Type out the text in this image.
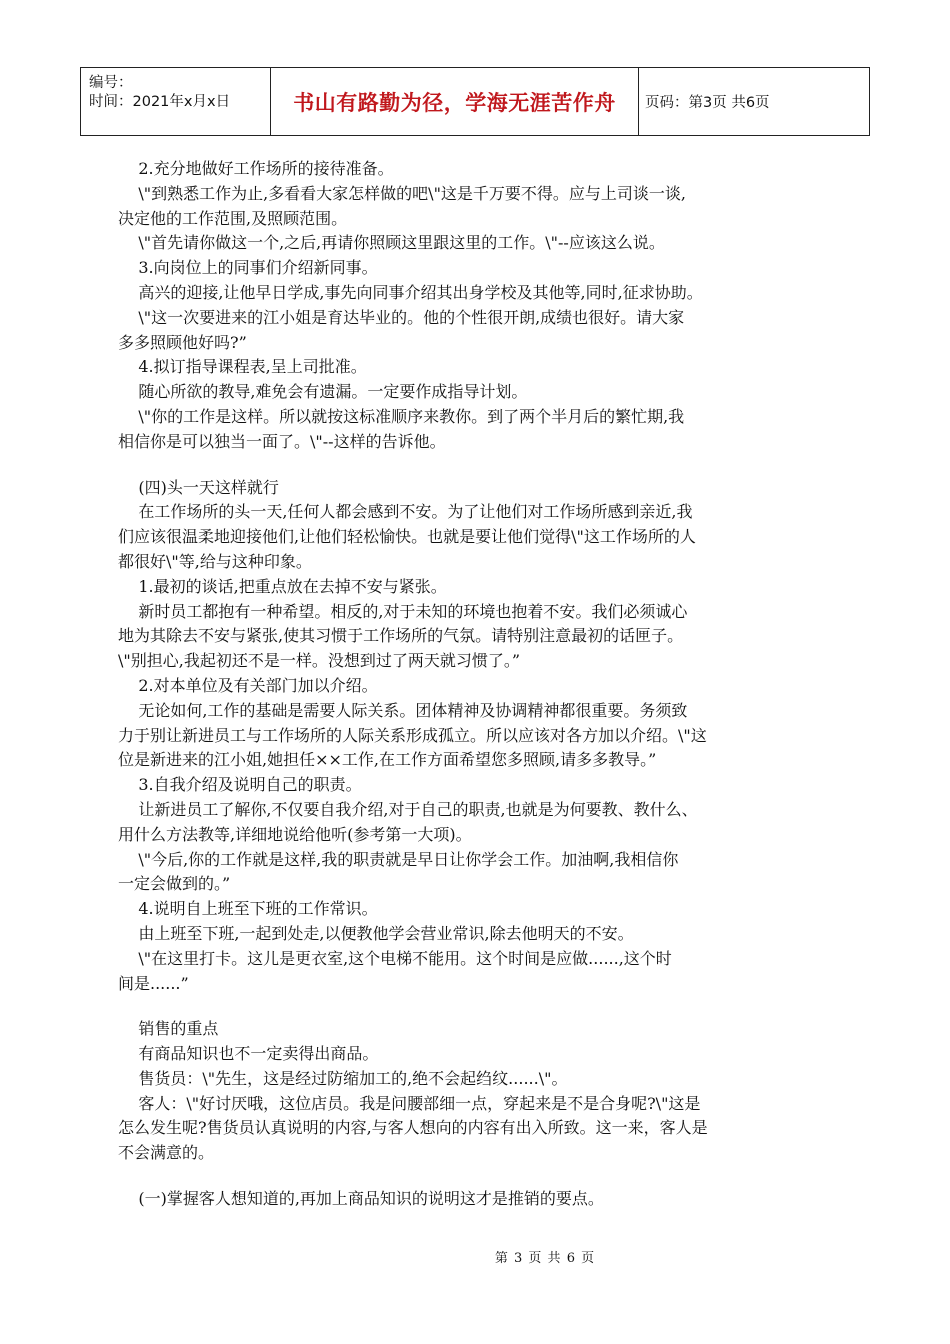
编号：
时间：2021年x月x日	书山有路勤为径，学海无涯苦作舟	页码：第3页 共6页

2.充分地做好工作场所的接待准备。

\"到熟悉工作为止,多看看大家怎样做的吧\"这是千万要不得。应与上司谈一谈,

决定他的工作范围,及照顾范围。

\"首先请你做这一个,之后,再请你照顾这里跟这里的工作。\"--应该这么说。

3.向岗位上的同事们介绍新同事。

高兴的迎接,让他早日学成,事先向同事介绍其出身学校及其他等,同时,征求协助。

\"这一次要进来的江小姐是育达毕业的。他的个性很开朗,成绩也很好。请大家

多多照顾他好吗?”

4.拟订指导课程表,呈上司批准。

随心所欲的教导,难免会有遗漏。一定要作成指导计划。

\"你的工作是这样。所以就按这标准顺序来教你。到了两个半月后的繁忙期,我

相信你是可以独当一面了。\"--这样的告诉他。

(四)头一天这样就行

在工作场所的头一天,任何人都会感到不安。为了让他们对工作场所感到亲近,我

们应该很温柔地迎接他们,让他们轻松愉快。也就是要让他们觉得\"这工作场所的人

都很好\"等,给与这种印象。

1.最初的谈话,把重点放在去掉不安与紧张。

新时员工都抱有一种希望。相反的,对于未知的环境也抱着不安。我们必须诚心

地为其除去不安与紧张,使其习惯于工作场所的气氛。请特别注意最初的话匣子。

\"别担心,我起初还不是一样。没想到过了两天就习惯了。”

2.对本单位及有关部门加以介绍。

无论如何,工作的基础是需要人际关系。团体精神及协调精神都很重要。务须致

力于别让新进员工与工作场所的人际关系形成孤立。所以应该对各方加以介绍。\"这

位是新进来的江小姐,她担任××工作,在工作方面希望您多照顾,请多多教导。”

3.自我介绍及说明自己的职责。

让新进员工了解你,不仅要自我介绍,对于自己的职责,也就是为何要教、教什么、

用什么方法教等,详细地说给他听(参考第一大项)。

\"今后,你的工作就是这样,我的职责就是早日让你学会工作。加油啊,我相信你

一定会做到的。”

4.说明自上班至下班的工作常识。

由上班至下班,一起到处走,以便教他学会营业常识,除去他明天的不安。

\"在这里打卡。这儿是更衣室,这个电梯不能用。这个时间是应做......,这个时

间是......”

销售的重点

有商品知识也不一定卖得出商品。

售货员：\"先生，这是经过防缩加工的,绝不会起绉纹......\"。

客人：\"好讨厌哦，这位店员。我是问腰部细一点，穿起来是不是合身呢?\"这是

怎么发生呢?售货员认真说明的内容,与客人想向的内容有出入所致。这一来，客人是

不会满意的。

(一)掌握客人想知道的,再加上商品知识的说明这才是推销的要点。

第 3 页 共 6 页
